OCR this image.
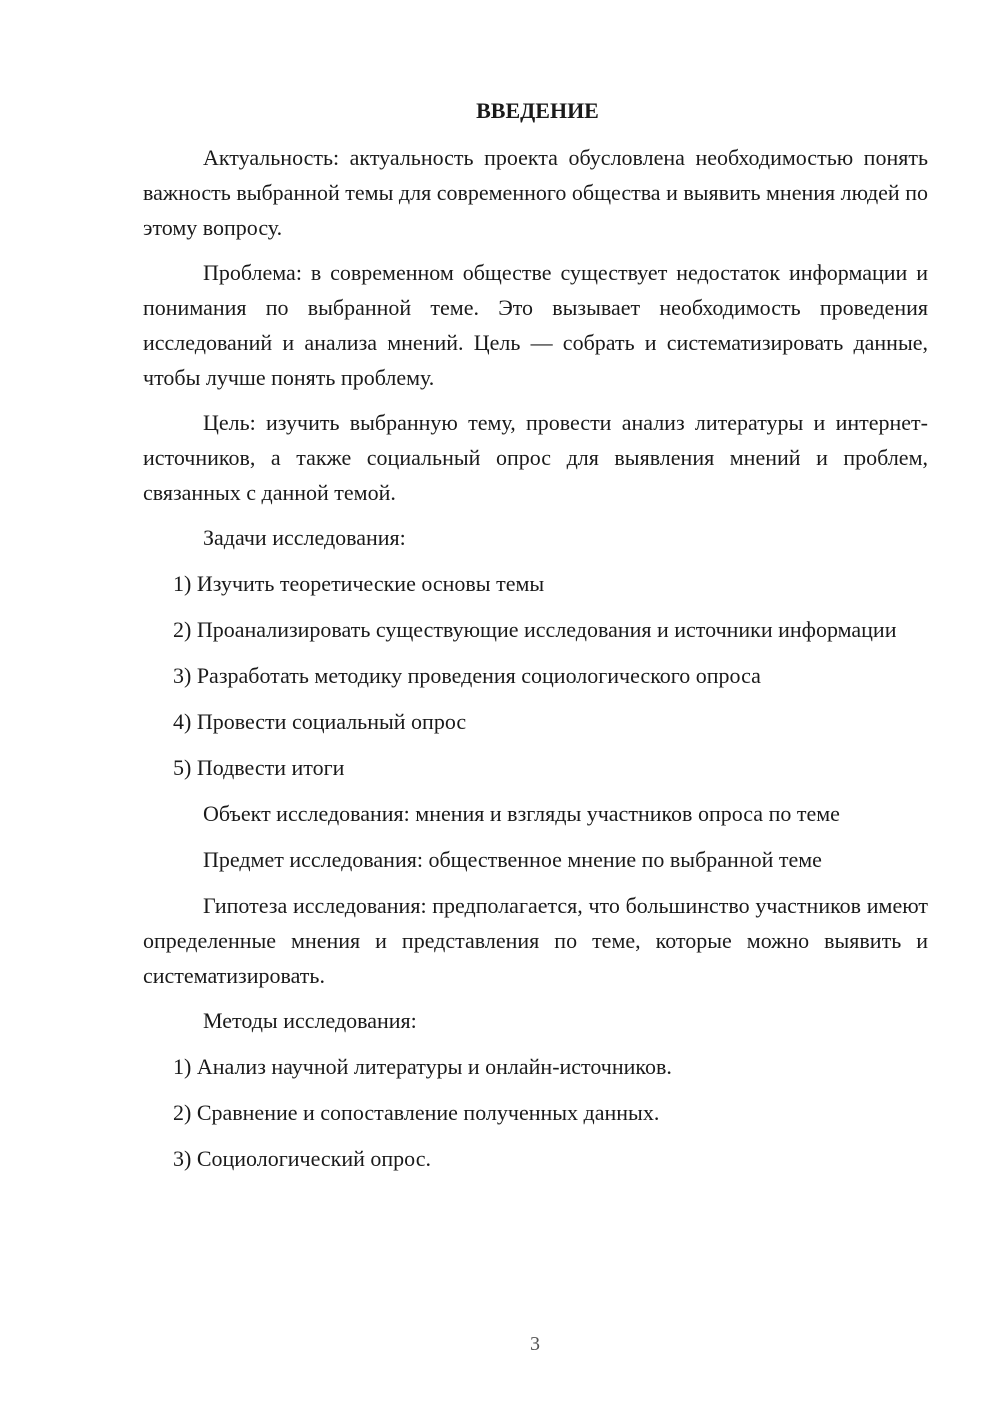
ВВЕДЕНИЕ

Актуальность: актуальность проекта обусловлена необходимостью понять важность выбранной темы для современного общества и выявить мнения людей по этому вопросу.

Проблема: в современном обществе существует недостаток информации и понимания по выбранной теме. Это вызывает необходимость проведения исследований и анализа мнений. Цель — собрать и систематизировать данные, чтобы лучше понять проблему.

Цель: изучить выбранную тему, провести анализ литературы и интернет-источников, а также социальный опрос для выявления мнений и проблем, связанных с данной темой.

Задачи исследования:

1) Изучить теоретические основы темы

2) Проанализировать существующие исследования и источники информации

3) Разработать методику проведения социологического опроса

4) Провести социальный опрос

5) Подвести итоги

Объект исследования: мнения и взгляды участников опроса по теме

Предмет исследования: общественное мнение по выбранной теме

Гипотеза исследования: предполагается, что большинство участников имеют определенные мнения и представления по теме, которые можно выявить и систематизировать.

Методы исследования:

1) Анализ научной литературы и онлайн-источников.

2) Сравнение и сопоставление полученных данных.

3) Социологический опрос.

3
